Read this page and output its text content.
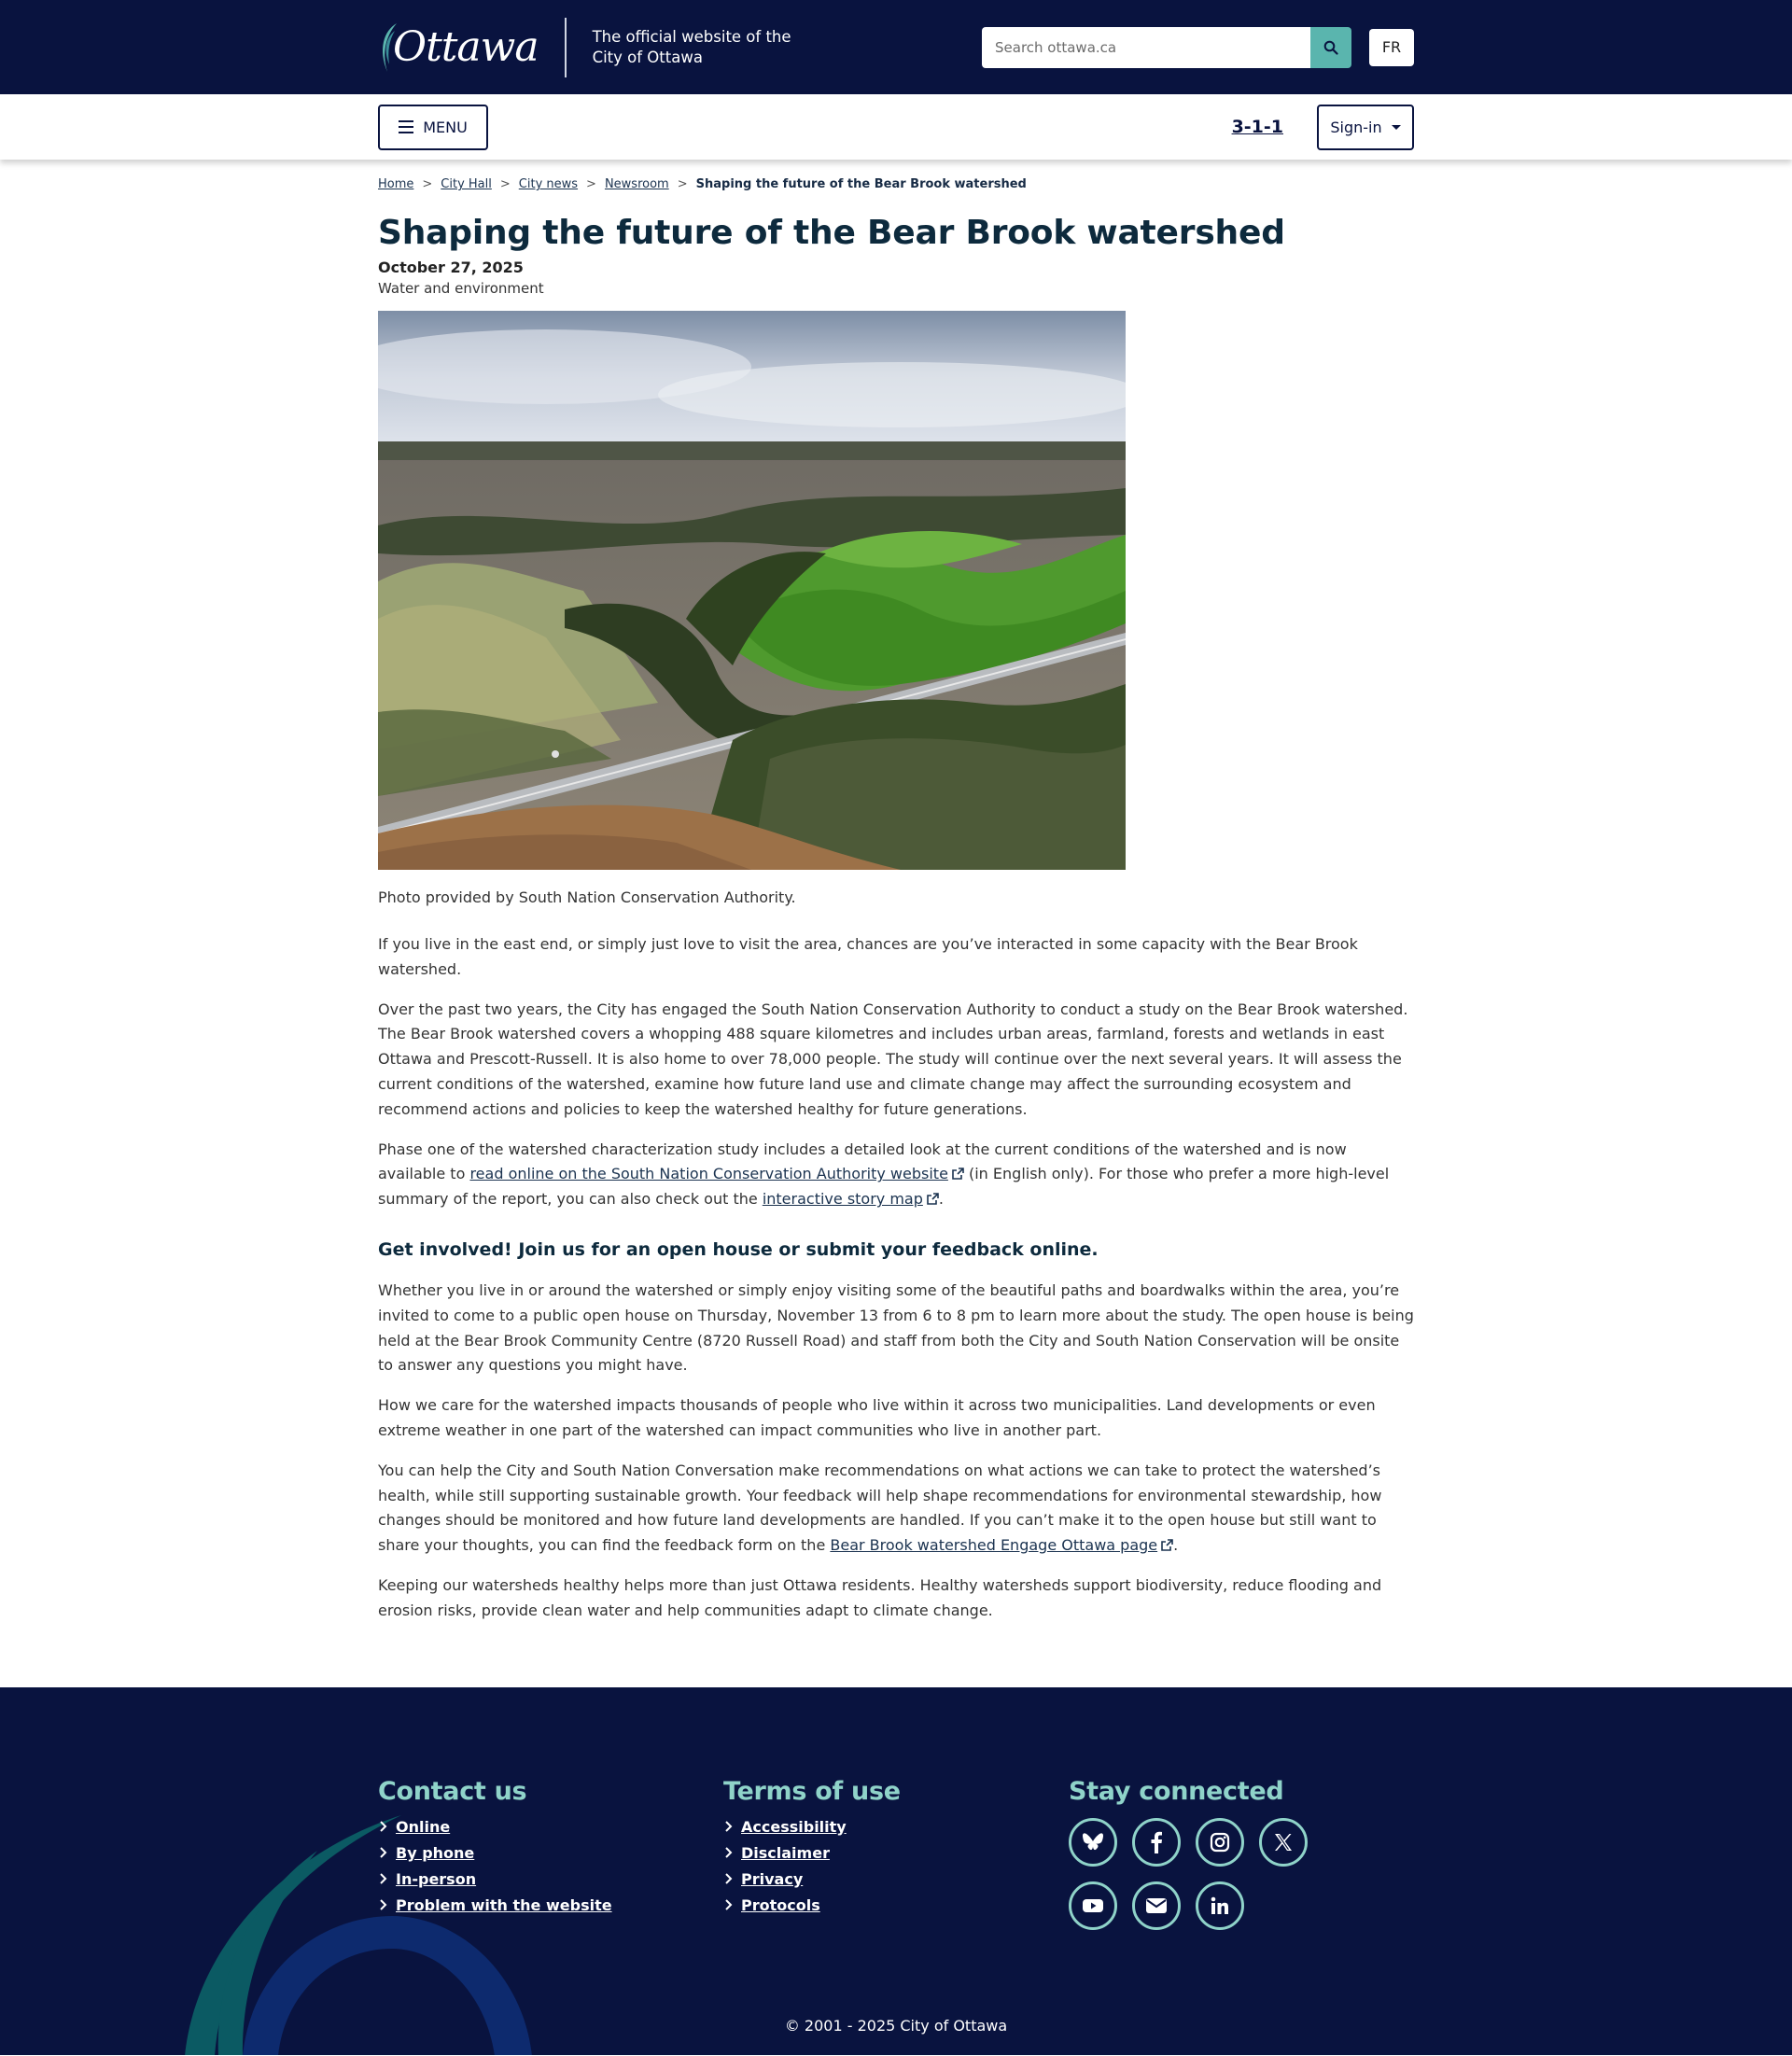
Ottawa	The official website of the City of Ottawa
Search ottawa.ca
FR
MENU	3-1-1	Sign-in
Home > City Hall > City news > Newsroom > Shaping the future of the Bear Brook watershed
Shaping the future of the Bear Brook watershed
October 27, 2025
Water and environment
Photo provided by South Nation Conservation Authority.

If you live in the east end, or simply just love to visit the area, chances are you’ve interacted in some capacity with the Bear Brook watershed.

Over the past two years, the City has engaged the South Nation Conservation Authority to conduct a study on the Bear Brook watershed. The Bear Brook watershed covers a whopping 488 square kilometres and includes urban areas, farmland, forests and wetlands in east Ottawa and Prescott-Russell. It is also home to over 78,000 people. The study will continue over the next several years. It will assess the current conditions of the watershed, examine how future land use and climate change may affect the surrounding ecosystem and recommend actions and policies to keep the watershed healthy for future generations.

Phase one of the watershed characterization study includes a detailed look at the current conditions of the watershed and is now available to read online on the South Nation Conservation Authority website (in English only). For those who prefer a more high-level summary of the report, you can also check out the interactive story map .

Get involved! Join us for an open house or submit your feedback online.

Whether you live in or around the watershed or simply enjoy visiting some of the beautiful paths and boardwalks within the area, you’re invited to come to a public open house on Thursday, November 13 from 6 to 8 pm to learn more about the study. The open house is being held at the Bear Brook Community Centre (8720 Russell Road) and staff from both the City and South Nation Conservation will be onsite to answer any questions you might have.

How we care for the watershed impacts thousands of people who live within it across two municipalities. Land developments or even extreme weather in one part of the watershed can impact communities who live in another part.

You can help the City and South Nation Conversation make recommendations on what actions we can take to protect the watershed’s health, while still supporting sustainable growth. Your feedback will help shape recommendations for environmental stewardship, how changes should be monitored and how future land developments are handled. If you can’t make it to the open house but still want to share your thoughts, you can find the feedback form on the Bear Brook watershed Engage Ottawa page .

Keeping our watersheds healthy helps more than just Ottawa residents. Healthy watersheds support biodiversity, reduce flooding and erosion risks, provide clean water and help communities adapt to climate change.

Contact us
Online
By phone
In-person
Problem with the website
Terms of use
Accessibility
Disclaimer
Privacy
Protocols
Stay connected
© 2001 - 2025 City of Ottawa
